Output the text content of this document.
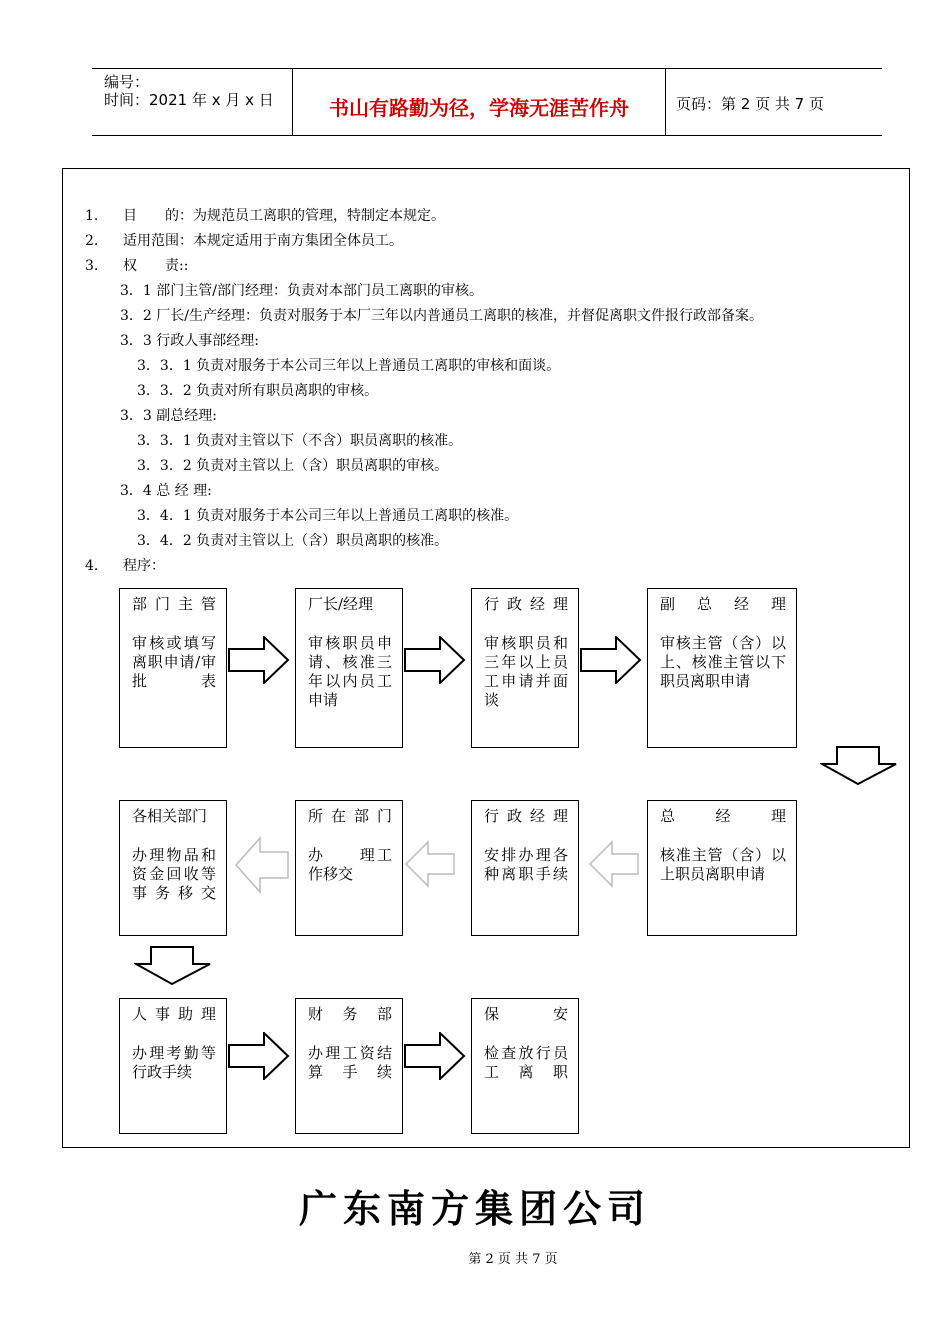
编号：
时间：2021 年 x 月 x 日	书山有路勤为径，学海无涯苦作舟	页码：第 2 页 共 7 页
1. 目　　的：为规范员工离职的管理，特制定本规定。
2. 适用范围：本规定适用于南方集团全体员工。
3. 权　　责::
3．1 部门主管/部门经理：负责对本部门员工离职的审核。
3．2 厂长/生产经理：负责对服务于本厂三年以内普通员工离职的核准，并督促离职文件报行政部备案。
3．3 行政人事部经理:
3．3．1 负责对服务于本公司三年以上普通员工离职的审核和面谈。
3．3．2 负责对所有职员离职的审核。
3．3 副总经理:
3．3．1 负责对主管以下（不含）职员离职的核准。
3．3．2 负责对主管以上（含）职员离职的审核。
3．4 总 经 理:
3．4．1 负责对服务于本公司三年以上普通员工离职的核准。
3．4．2 负责对主管以上（含）职员离职的核准。
4. 程序：
部门主管
审核或填写离职申请/审批表
厂长/经理
审核职员申请、核准三年以内员工申请
行政经理
审核职员和三年以上员工申请并面谈
副　总　经　理
审核主管（含）以上、核准主管以下职员离职申请
总　　经　　理
核准主管（含）以上职员离职申请
行政经理
安排办理各种离职手续
所在部门
办　　理工作移交
各相关部门
办理物品和资金回收等事务移交
人事助理
办理考勤等行政手续
财　务　部
办理工资结算手续
保　　　安
检查放行员工离职
广东南方集团公司
第 2 页 共 7 页
